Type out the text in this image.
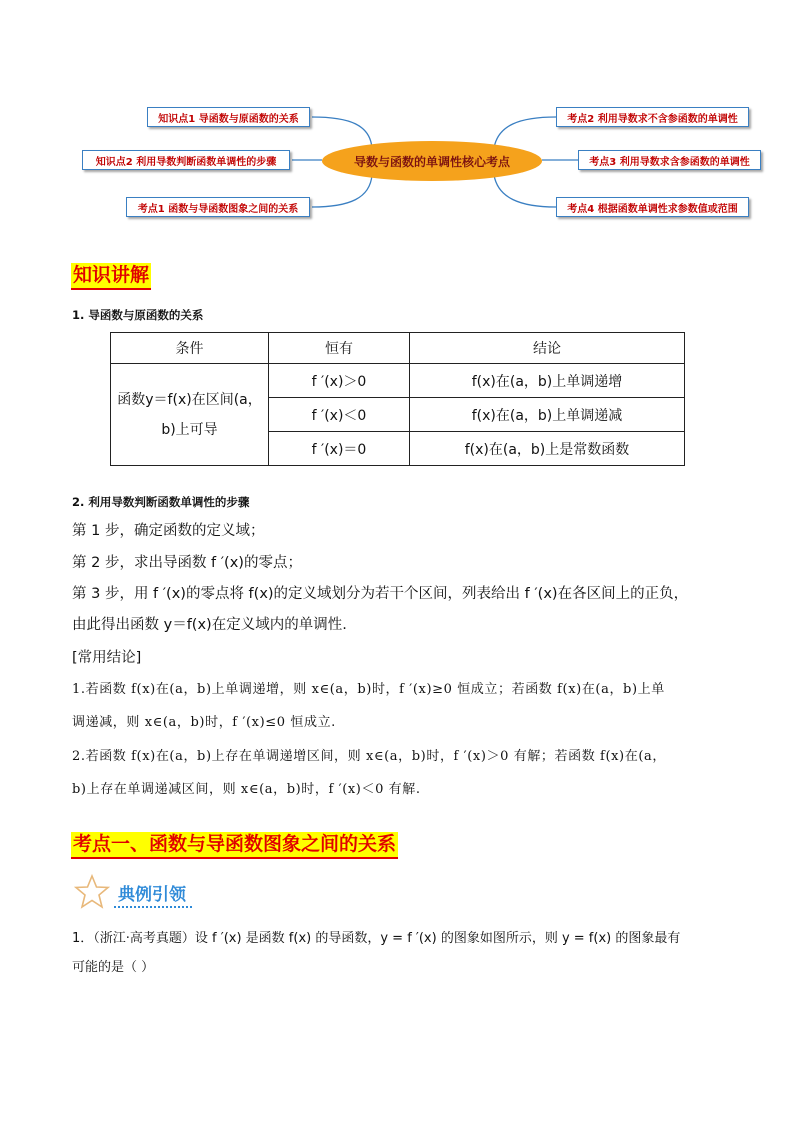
知识点1 导函数与原函数的关系
知识点2 利用导数判断函数单调性的步骤
考点1 函数与导函数图象之间的关系
导数与函数的单调性核心考点
考点2 利用导数求不含参函数的单调性
考点3 利用导数求含参函数的单调性
考点4 根据函数单调性求参数值或范围
知识讲解
1. 导函数与原函数的关系
条件	恒有	结论

函数y＝f(x)在区间(a，
b)上可导	f ′(x)＞0	f(x)在(a，b)上单调递增
	f ′(x)＜0	f(x)在(a，b)上单调递减
	f ′(x)＝0	f(x)在(a，b)上是常数函数
2. 利用导数判断函数单调性的步骤
第 1 步，确定函数的定义域；
第 2 步，求出导函数 f ′(x)的零点；
第 3 步，用 f ′(x)的零点将 f(x)的定义域划分为若干个区间，列表给出 f ′(x)在各区间上的正负，
由此得出函数 y＝f(x)在定义域内的单调性.
[常用结论]
1.若函数 f(x)在(a，b)上单调递增，则 x∈(a，b)时，f ′(x)≥0 恒成立；若函数 f(x)在(a，b)上单
调递减，则 x∈(a，b)时，f ′(x)≤0 恒成立.
2.若函数 f(x)在(a，b)上存在单调递增区间，则 x∈(a，b)时，f ′(x)＞0 有解；若函数 f(x)在(a，
b)上存在单调递减区间，则 x∈(a，b)时，f ′(x)＜0 有解.
考点一、函数与导函数图象之间的关系
典例引领
1．（浙江·高考真题）设 f ′(x) 是函数 f(x) 的导函数，y = f ′(x) 的图象如图所示，则 y = f(x) 的图象最有
可能的是（ ）
